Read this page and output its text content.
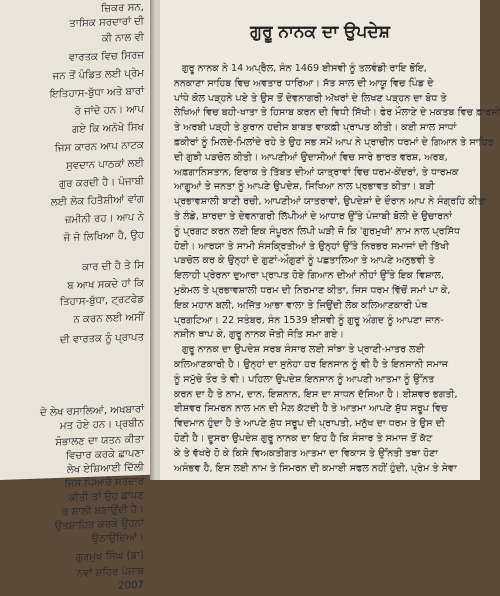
ਜ਼ਿਕਰ ਸਨ,
ਤਾਸਿਕ ਸਰਦਾਰਾਂ ਦੀ
ਕੀ ਨਾਲ ਵੀ
ਵਾਰਤਕ ਵਿਚ ਸਿਰਜ
ਜਨ ਤੋਂ ਪੰਡਿਤ ਲਈ ਪ੍ਰੇਮ
ਇਤਿਹਾਸ-ਬੁੱਧਾ ਅਤੇ ਬਾਰਾਂ
ਰੋ ਜਾਂਦੇ ਹਨ। ਆਪ
ਗਏ ਕਿ ਅਨੋਖੇ ਸਿਖ
ਜਿਸ ਕਾਰਨ ਆਪ ਨਾਟਕ
ਸੁਵਦਾਨ ਪਾਠਕਾਂ ਲਈ
ਗੁਰ ਕਰਦੀ ਹੈ। ਪੰਜਾਬੀ
ਲਈ ਲੋਕ ਹਿਤੈਸ਼ੀਆਂ ਵਾਂਗ
ਜ਼ਮੀਨੀ ਰਹ। ਆਪ ਨੇ
ਜੋ ਜੋ ਲਿਖਿਆ ਹੈ, ਉਹ
ਕਾਰ ਦੀ ਹੈ ਤੇ ਸਿ
ਬ ਆਖ ਸਕਦੇ ਹਾਂ ਕਿ
ਤਿਹਾਸ-ਬੁੱਧਾ, ਟ੍ਰਟਫੇਡ
ਨ ਕਰਨ ਲਈ ਅਸੀਂ
ਦੀ ਵਾਰਤਕ ਨੂੰ ਪ੍ਰਾਪਤ
ਦੇ ਲੇਖ ਰਸਾਲਿਆਂ, ਅਖਬਾਰਾਂ
ਮਤ ਹੋਏ ਹਨ। ਪ੍ਰਬੀਨ
ਸੰਭਾਲਣ ਦਾ ਯਤਨ ਕੀਤਾ
ਵਿਚਾਰ ਕਰਕੇ ਛਾਪਣਾ
ਲੇਖ ਏਸ਼ਿਆਈ ਦਿੱਲੀ
ਜਿਸ ਪਿਆਰੇ ਸਰਦਾਰ
ਕੀਤੀ ਤਾਂ ਉਹ ਛਾਪਣ
ਤ ਸ਼ਾਲੀ ਬਣਾਉਂਦੀ ਹੈ।
ਉਤਸ਼ਾਹਿਤ ਕਰਕੇ ਉਹਨਾਂ
ਉਠਾਉਂਦਿਆਂ।
ਗੁਰਮੁਖ ਸਿੰਘ (ਡਾ)
ਨਵਾਂ ਸ਼ਹਿਰ ਪੰਜਾਬ
2007
ਗੁਰੂ ਨਾਨਕ ਦਾ ਉਪਦੇਸ਼
ਗੁਰੂ ਨਾਨਕ ਨੇ 14 ਅਪ੍ਰੈਲ, ਸੰਨ 1469 ਈਸਵੀ ਨੂੰ ਤਲਵੰਡੀ ਰਾਇ ਭੋਇ,
ਨਨਕਾਣਾ ਸਾਹਿਬ ਵਿਚ ਅਵਤਾਰ ਧਾਰਿਆ। ਸੱਤ ਸਾਲ ਦੀ ਆਯੂ ਵਿਚ ਪਿੰਡ ਦੇ
ਪਾਂਧੇ ਕੋਲ ਪੜ੍ਹਨੇ ਪਏ ਤੇ ਉਸ ਤੋਂ ਦੇਵਨਾਗਰੀ ਅੱਖਰਾਂ ਦੇ ਲਿਖਣ ਪੜ੍ਹਨ ਦਾ ਬੋਧ ਤੇ
ਲੇਖਿਆਂ ਵਿਚ ਬਹੀ-ਖਾਤਾ ਤੇ ਹਿਸਾਬ ਕਰਨ ਦੀ ਵਿਧੀ ਸਿੱਖੀ। ਫੇਰ ਮੌਲਾਣੇ ਦੇ ਮਕਤਬ ਵਿਚ ਫ਼ਾਰਸੀ
ਤੇ ਅਰਬੀ ਪੜ੍ਹੀ ਤੇ ਕੁਰਾਨ ਹਦੀਸ ਬਾਬਤ ਵਾਕਫ਼ੀ ਪ੍ਰਾਪਤ ਕੀਤੀ। ਕਈ ਸਾਲ ਸਾਧਾਂ
ਫ਼ਕੀਰਾਂ ਨੂੰ ਮਿਲਦੇ-ਮਿਲਾਂਦੇ ਰਹੇ ਤੇ ਉਹ ਸਭ ਸਮੇਂ ਆਪ ਨੇ ਪ੍ਰਾਚੀਨ ਧਰਮਾਂ ਦੇ ਗਿਆਨ ਤੇ ਸਾਹਿਤ
ਦੀ ਗੁਝੀ ਪੜਚੋਲ ਕੀਤੀ। ਆਪਣੀਆਂ ਉਦਾਸੀਆਂ ਵਿਚ ਸਾਰੇ ਭਾਰਤ ਵਰਸ਼, ਅਰਬ,
ਅਫ਼ਗਾਨਿਸਤਾਨ, ਇਰਾਕ ਤੇ ਤਿੱਬਤ ਦੀਆਂ ਯਾਤ੍ਰਾਵਾਂ ਵਿਚ ਧਰਮ-ਕੇਂਦਰਾਂ, ਤੇ ਧਾਰਮਕ
ਆਗੂਆਂ ਤੇ ਜਨਤਾ ਨੂੰ ਆਪਣੇ ਉਪਦੇਸ਼, ਸਿਖਿਆ ਨਾਲ ਪ੍ਰਭਾਵਤ ਕੀਤਾ। ਬੜੀ
ਪ੍ਰਭਾਵਸ਼ਾਲੀ ਬਾਣੀ ਰਚੀ, ਆਪਣੀਆਂ ਯਾਤਰਾਵਾਂ, ਉਪਦੇਸ਼ਾਂ ਦੇ ਦੌਰਾਨ ਆਪ ਨੇ ਸੰਗ੍ਰਹਿ ਕੀਤਾ
ਤੇ ਲੰਡੇ, ਸ਼ਾਰਦਾ ਤੇ ਦੇਵਨਾਗਰੀ ਲਿੱਪੀਆਂ ਦੇ ਆਧਾਰ ਉੱਤੇ ਪੰਜਾਬੀ ਬੋਲੀ ਦੇ ਉਚਾਰਨਾਂ
ਨੂੰ ਪ੍ਰਗਟ ਕਰਨ ਲਈ ਇਕ ਸੰਪੂਰਨ ਲਿਪੀ ਘੜੀ ਜੋ ਕਿ 'ਗੁਰਮੁਖੀ' ਨਾਮ ਨਾਲ ਪ੍ਰਸਿੱਧ
ਹੋਈ। ਆਰਯਾ ਤੇ ਸਾਮੀ ਸੰਸਕ੍ਰਿਤੀਆਂ ਤੇ ਉਨ੍ਹਾਂ ਉੱਤੇ ਨਿਰਭਰ ਸਮਾਜਾਂ ਦੀ ਤਿੱਖੀ
ਪੜਚੋਲ ਕਰ ਕੇ ਉਨ੍ਹਾਂ ਦੇ ਗੁਣਾਂ-ਔਗੁਣਾਂ ਨੂੰ ਪਛਤਾਲਿਆ ਤੇ ਆਪਣੇ ਅਨੁਭਵੀ ਤੇ
ਇਲਾਹੀ ਪ੍ਰੇਰਨਾ ਦੁਆਰਾ ਪ੍ਰਾਪਤ ਹੋਏ ਗਿਆਨ ਦੀਆਂ ਨੀਹਾਂ ਉੱਤੇ ਇਕ ਵਿਸ਼ਾਲ,
ਮੁਕੰਮਲ ਤੇ ਪ੍ਰਭਾਵਸ਼ਾਲੀ ਧਰਮ ਦੀ ਨਿਰਮਾਣ ਕੀਤਾ, ਜਿਸ ਧਰਮ ਵਿੱਚੋਂ ਸਮਾਂ ਪਾ ਕੇ,
ਇਕ ਮਹਾਨ ਬਲੀ, ਅਜਿੱਤ ਆਭਾ ਵਾਲਾ ਤੇ ਜਿਉਂਦੀ ਲੋਕ ਕਲਿਆਣਕਾਰੀ ਪੰਥ
ਪ੍ਰਗਟਿਆ। 22 ਸਤੰਬਰ, ਸੰਨ 1539 ਈਸਵੀ ਨੂੰ ਗੁਰੂ ਅੰਗਦ ਨੂੰ ਆਪਣਾ ਜਾਨ-
ਨਸ਼ੀਨ ਥਾਪ ਕੇ, ਗੁਰੂ ਨਾਨਕ ਜੋਤੀ ਜੋਤਿ ਸਮਾ ਗਏ।
ਗੁਰੂ ਨਾਨਕ ਦਾ ਉਪਦੇਸ਼ ਸਰਬ ਸੰਸਾਰ ਲਈ ਸਾਂਝਾ ਤੇ ਪ੍ਰਾਣੀ-ਮਾਤਰ ਲਈ
ਕਲਿਆਣਕਾਰੀ ਹੈ। ਉਨ੍ਹਾਂ ਦਾ ਸੁਨੇਹਾ ਹਰ ਇਨਸਾਨ ਨੂੰ ਵੀ ਹੈ ਤੇ ਇਨਸਾਨੀ ਸਮਾਜ
ਨੂੰ ਸਮੁੱਚੇ ਤੌਰ ਤੇ ਵੀ। ਪਹਿਲਾ ਉਪਦੇਸ਼ ਇਨਸਾਨ ਨੂੰ ਆਪਣੀ ਆਤਮਾ ਨੂੰ ਉੱਨਤ
ਕਰਨ ਦਾ ਹੈ ਤੇ ਨਾਮ, ਦਾਨ, ਇਸ਼ਨਾਨ, ਇਸ ਦਾ ਸਾਧਨ ਦੱਸਿਆ ਹੈ। ਈਸ਼ਵਰ ਭਗਤੀ,
ਈਸ਼ਵਰ ਸਿਮਰਨ ਨਾਲ ਮਨ ਦੀ ਮੈਲ਼ ਕੱਟਦੀ ਹੈ ਤੇ ਆਤਮਾ ਆਪਣੇ ਸ਼ੁੱਧ ਸਰੂਪ ਵਿਚ
ਵਿਦਮਾਨ ਹੁੰਦਾ ਹੈ ਤੇ ਆਪਣੇ ਸ਼ੁੱਧ ਸਰੂਪ ਦੀ ਪ੍ਰਾਪਤੀ, ਮਨੁੱਖ ਦਾ ਧਰਮ ਤੇ ਉਸ ਦੀ
ਹੋਣੀ ਹੈ। ਦੂਸਰਾ ਉਪਦੇਸ਼ ਗੁਰੂ ਨਾਨਕ ਦਾ ਇਹ ਹੈ ਕਿ ਸੰਸਾਰ ਤੇ ਸਮਾਜ ਤੋਂ ਕੱਟ
ਕੇ ਤੇ ਵੱਖਰੇ ਹੋ ਕੇ ਕਿਸੇ ਵਿਅਕਤੀਗਤ ਆਤਮਾ ਦਾ ਵਿਕਾਸ ਤੇ ਉੱਨਤੀ ਤਥਾ ਹੋਣਾ
ਅਸੰਭਵ ਹੈ, ਇਸ ਲਈ ਨਾਮ ਤੇ ਸਿਮਰਨ ਦੀ ਕਮਾਈ ਸਫਲ ਨਹੀਂ ਹੁੰਦੀ, ਪ੍ਰੇਮ ਤੇ ਸੇਵਾ
